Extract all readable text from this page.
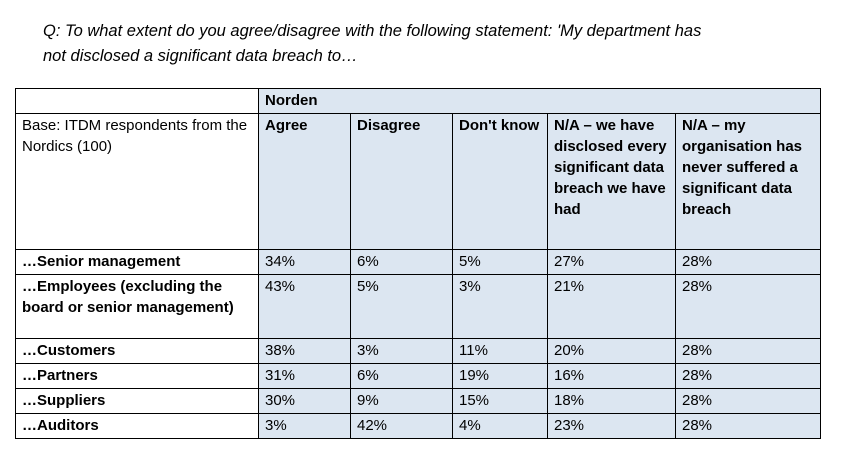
Q: To what extent do you agree/disagree with the following statement: 'My department has
not disclosed a significant data breach to…
	Norden				
Base: ITDM respondents from the Nordics (100)	Agree	Disagree	Don't know	N/A – we have disclosed every significant data breach we have had	N/A – my organisation has never suffered a significant data breach
…Senior management	34%	6%	5%	27%	28%
…Employees (excluding the board or senior management)	43%	5%	3%	21%	28%
…Customers	38%	3%	11%	20%	28%
…Partners	31%	6%	19%	16%	28%
…Suppliers	30%	9%	15%	18%	28%
…Auditors	3%	42%	4%	23%	28%
